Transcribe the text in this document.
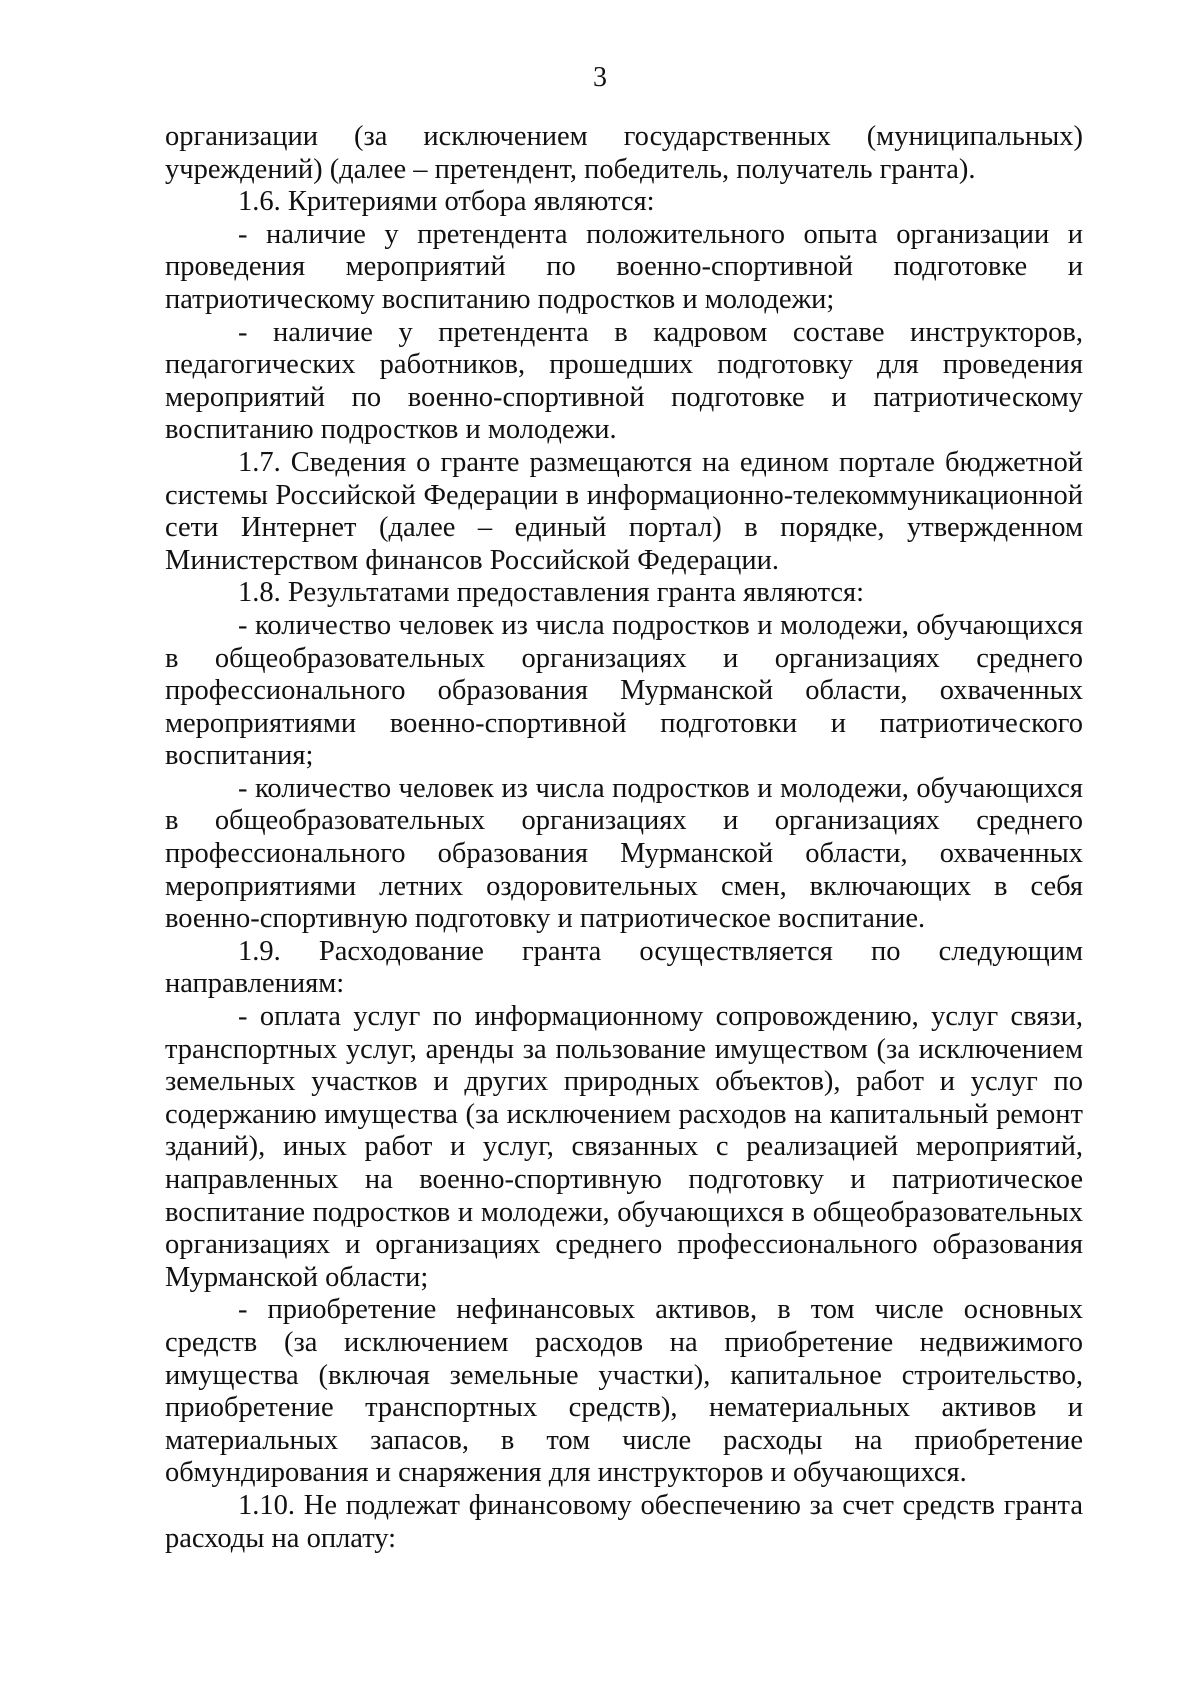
3

организации (за исключением государственных (муниципальных) учреждений) (далее – претендент, победитель, получатель гранта).

1.6. Критериями отбора являются:

- наличие у претендента положительного опыта организации и проведения мероприятий по военно-спортивной подготовке и патриотическому воспитанию подростков и молодежи;

- наличие у претендента в кадровом составе инструкторов, педагогических работников, прошедших подготовку для проведения мероприятий по военно-спортивной подготовке и патриотическому воспитанию подростков и молодежи.

1.7. Сведения о гранте размещаются на едином портале бюджетной системы Российской Федерации в информационно-телекоммуникационной сети Интернет (далее – единый портал) в порядке, утвержденном Министерством финансов Российской Федерации.

1.8. Результатами предоставления гранта являются:

- количество человек из числа подростков и молодежи, обучающихся в общеобразовательных организациях и организациях среднего профессионального образования Мурманской области, охваченных мероприятиями военно-спортивной подготовки и патриотического воспитания;

- количество человек из числа подростков и молодежи, обучающихся в общеобразовательных организациях и организациях среднего профессионального образования Мурманской области, охваченных мероприятиями летних оздоровительных смен, включающих в себя военно-спортивную подготовку и патриотическое воспитание.

1.9. Расходование гранта осуществляется по следующим направлениям:

- оплата услуг по информационному сопровождению, услуг связи, транспортных услуг, аренды за пользование имуществом (за исключением земельных участков и других природных объектов), работ и услуг по содержанию имущества (за исключением расходов на капитальный ремонт зданий), иных работ и услуг, связанных с реализацией мероприятий, направленных на военно-спортивную подготовку и патриотическое воспитание подростков и молодежи, обучающихся в общеобразовательных организациях и организациях среднего профессионального образования Мурманской области;

- приобретение нефинансовых активов, в том числе основных средств (за исключением расходов на приобретение недвижимого имущества (включая земельные участки), капитальное строительство, приобретение транспортных средств), нематериальных активов и материальных запасов, в том числе расходы на приобретение обмундирования и снаряжения для инструкторов и обучающихся.

1.10. Не подлежат финансовому обеспечению за счет средств гранта расходы на оплату:
